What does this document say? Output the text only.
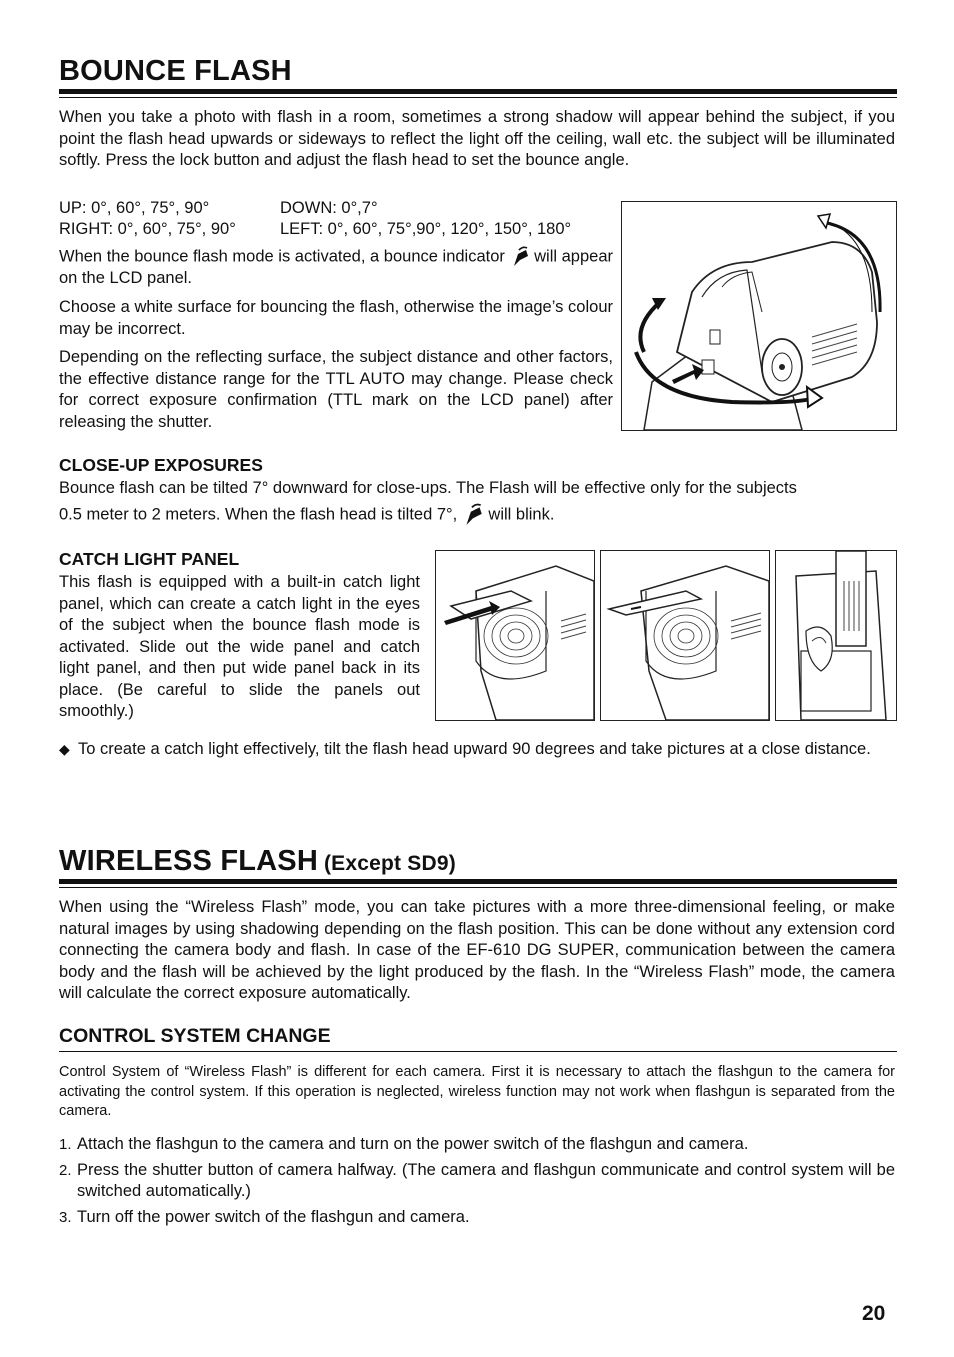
BOUNCE FLASH
When you take a photo with flash in a room, sometimes a strong shadow will appear behind the subject, if you point the flash head upwards or sideways to reflect the light off the ceiling, wall etc. the subject will be illuminated softly. Press the lock button and adjust the flash head to set the bounce angle.
UP: 0°, 60°, 75°, 90°	DOWN: 0°,7°
RIGHT: 0°, 60°, 75°, 90°	LEFT: 0°, 60°, 75°,90°, 120°, 150°, 180°
When the bounce flash mode is activated, a bounce indicator will appear on the LCD panel.
Choose a white surface for bouncing the flash, otherwise the image’s colour may be incorrect.
Depending on the reflecting surface, the subject distance and other factors, the effective distance range for the TTL AUTO may change. Please check for correct exposure confirmation (TTL mark on the LCD panel) after releasing the shutter.
CLOSE-UP EXPOSURES
Bounce flash can be tilted 7° downward for close-ups. The Flash will be effective only for the subjects
0.5 meter to 2 meters. When the flash head is tilted 7°, will blink.
CATCH LIGHT PANEL
This flash is equipped with a built-in catch light panel, which can create a catch light in the eyes of the subject when the bounce flash mode is activated. Slide out the wide panel and catch light panel, and then put wide panel back in its place. (Be careful to slide the panels out smoothly.)
◆ To create a catch light effectively, tilt the flash head upward 90 degrees and take pictures at a close distance.
WIRELESS FLASH (Except SD9)
When using the “Wireless Flash” mode, you can take pictures with a more three-dimensional feeling, or make natural images by using shadowing depending on the flash position. This can be done without any extension cord connecting the camera body and flash. In case of the EF-610 DG SUPER, communication between the camera body and the flash will be achieved by the light produced by the flash. In the “Wireless Flash” mode, the camera will calculate the correct exposure automatically.
CONTROL SYSTEM CHANGE
Control System of “Wireless Flash” is different for each camera. First it is necessary to attach the flashgun to the camera for activating the control system. If this operation is neglected, wireless function may not work when flashgun is separated from the camera.
1. Attach the flashgun to the camera and turn on the power switch of the flashgun and camera.
2. Press the shutter button of camera halfway. (The camera and flashgun communicate and control system will be switched automatically.)
3. Turn off the power switch of the flashgun and camera.
20
